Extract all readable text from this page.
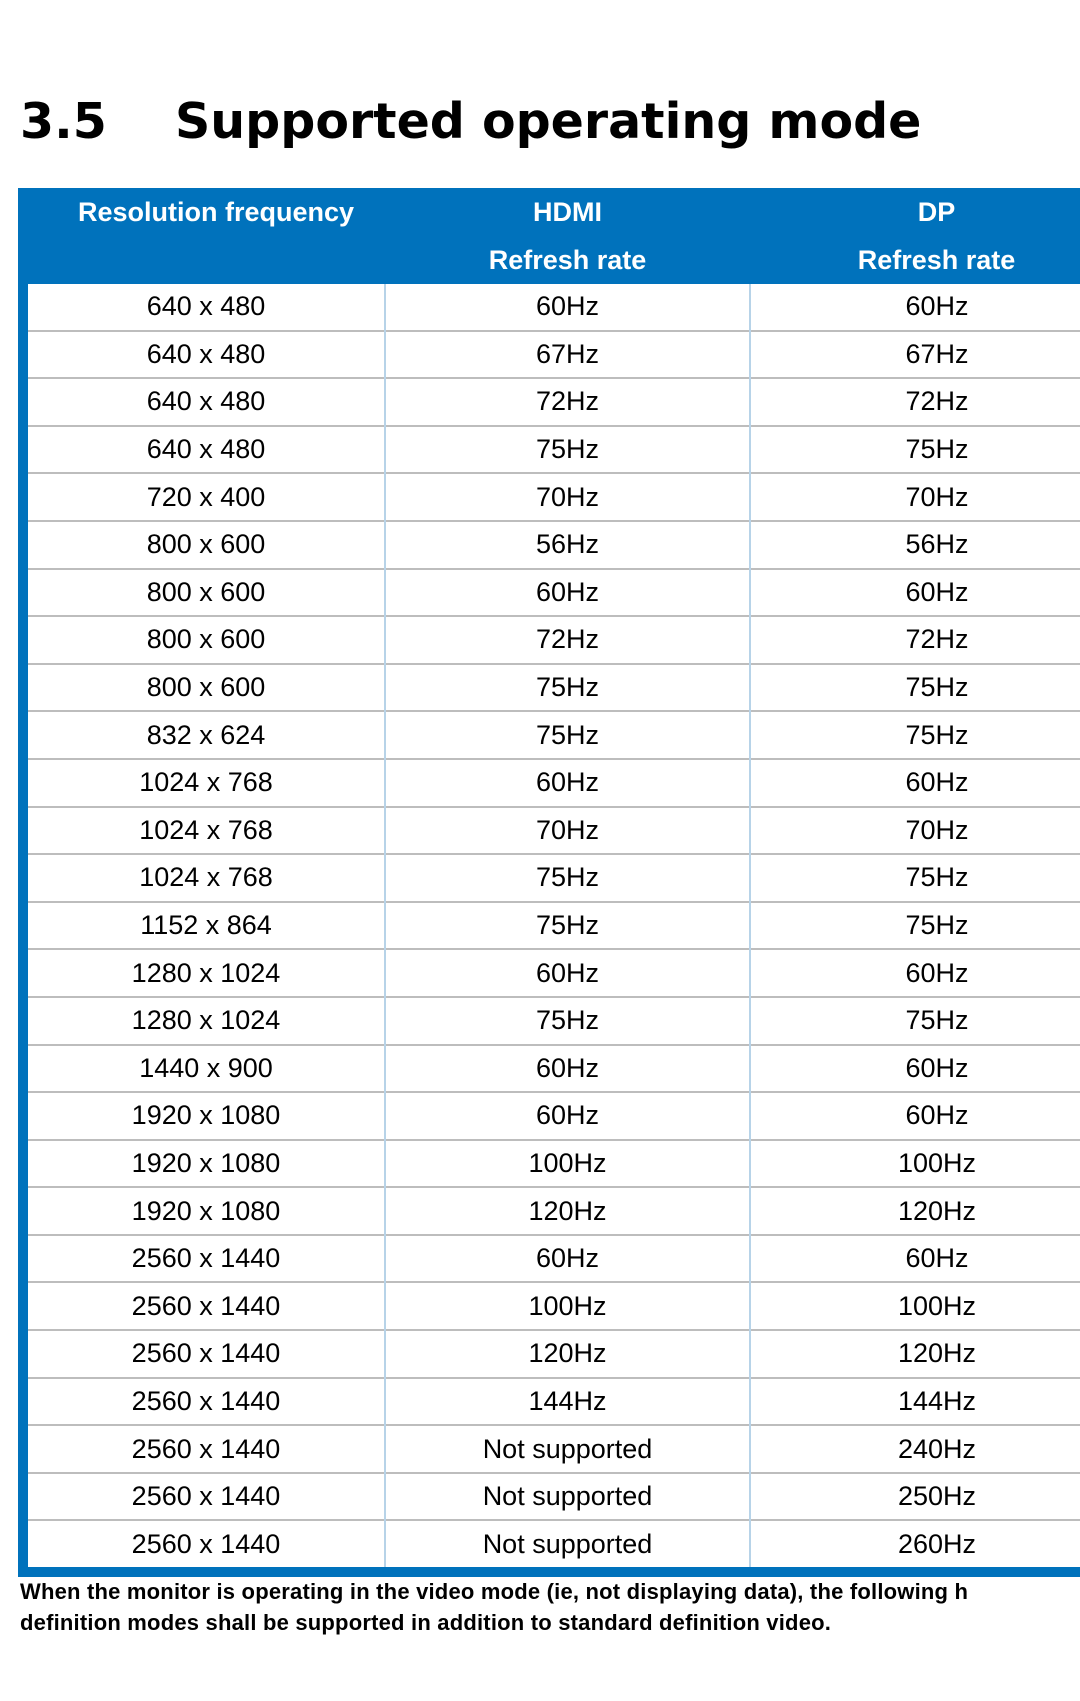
3.5 Supported operating mode
Resolution frequency	HDMI	DP
	Refresh rate	Refresh rate
640 x 480	60Hz	60Hz
640 x 480	67Hz	67Hz
640 x 480	72Hz	72Hz
640 x 480	75Hz	75Hz
720 x 400	70Hz	70Hz
800 x 600	56Hz	56Hz
800 x 600	60Hz	60Hz
800 x 600	72Hz	72Hz
800 x 600	75Hz	75Hz
832 x 624	75Hz	75Hz
1024 x 768	60Hz	60Hz
1024 x 768	70Hz	70Hz
1024 x 768	75Hz	75Hz
1152 x 864	75Hz	75Hz
1280 x 1024	60Hz	60Hz
1280 x 1024	75Hz	75Hz
1440 x 900	60Hz	60Hz
1920 x 1080	60Hz	60Hz
1920 x 1080	100Hz	100Hz
1920 x 1080	120Hz	120Hz
2560 x 1440	60Hz	60Hz
2560 x 1440	100Hz	100Hz
2560 x 1440	120Hz	120Hz
2560 x 1440	144Hz	144Hz
2560 x 1440	Not supported	240Hz
2560 x 1440	Not supported	250Hz
2560 x 1440	Not supported	260Hz

When the monitor is operating in the video mode (ie, not displaying data), the following h
definition modes shall be supported in addition to standard definition video.
